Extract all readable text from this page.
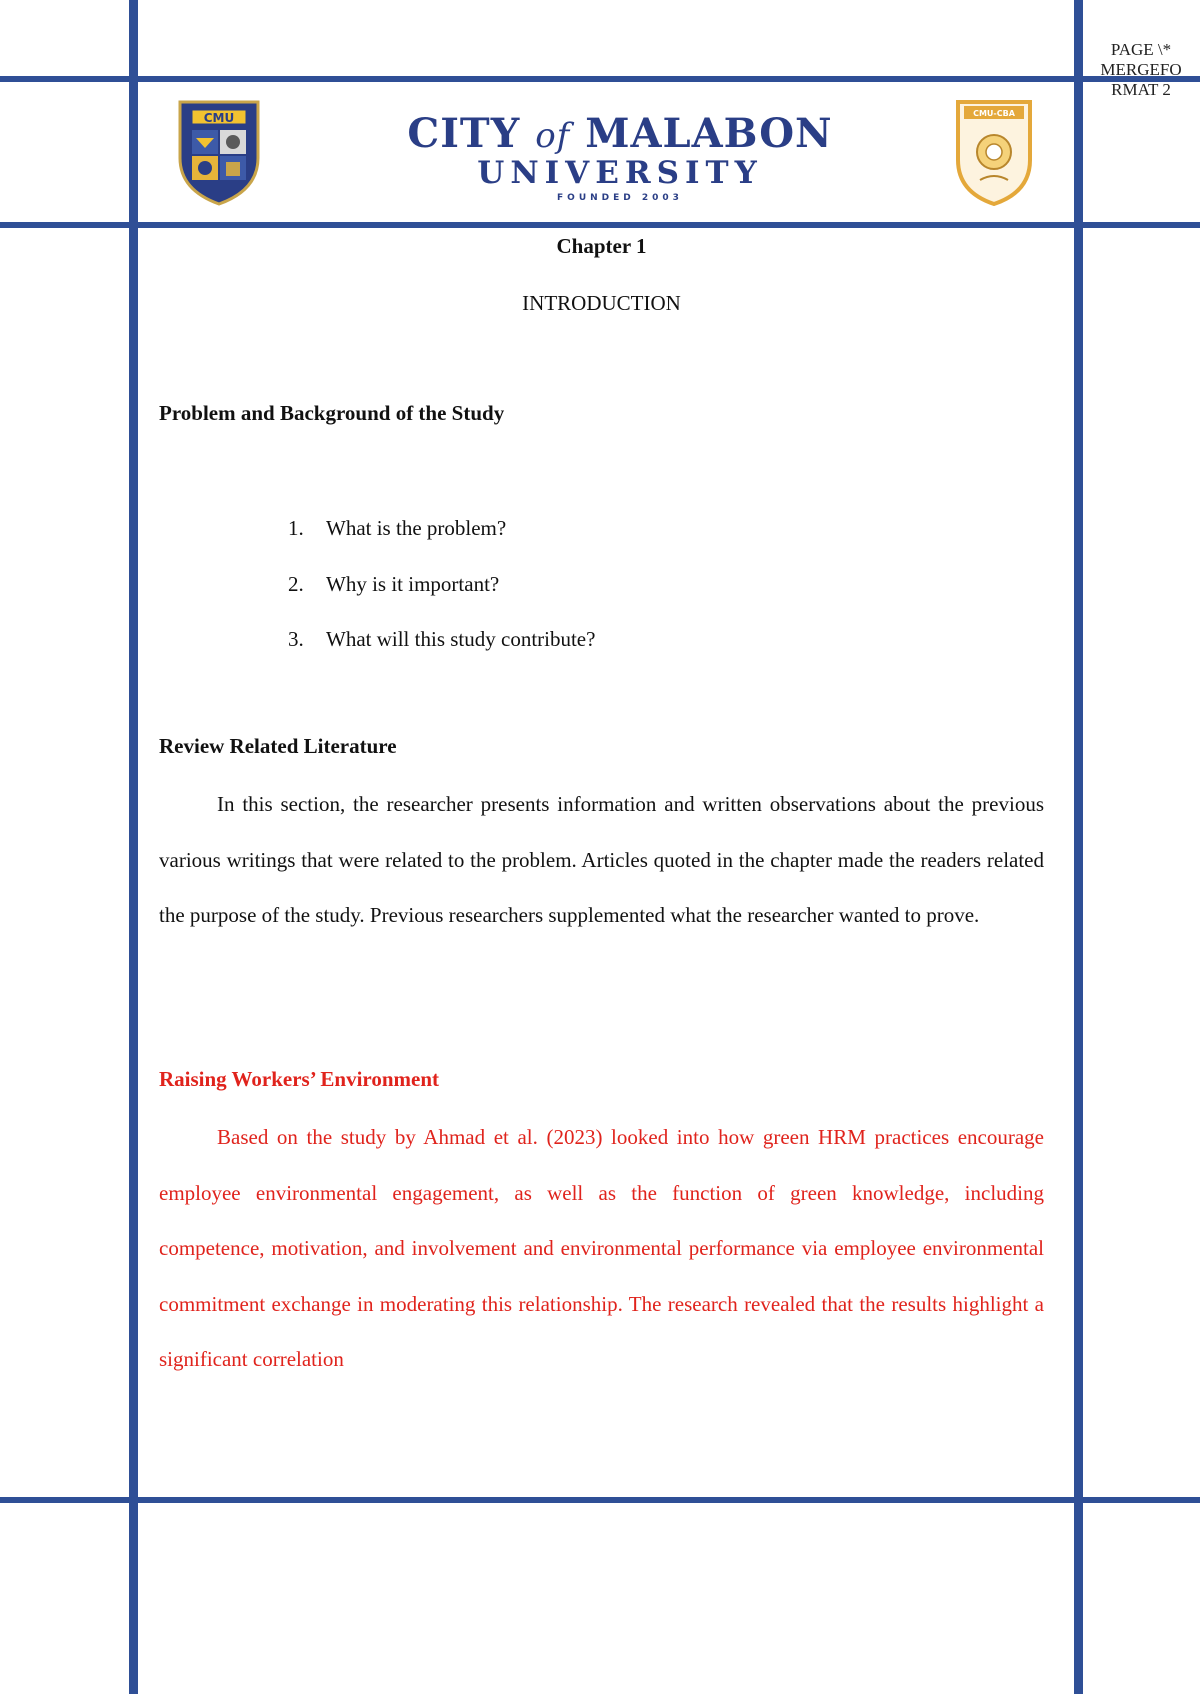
PAGE \*
MERGEFO
RMAT 2
CMU	CITY of MALABON
UNIVERSITY
FOUNDED 2003
CMU-CBA
Chapter 1
INTRODUCTION
Problem and Background of the Study
1. What is the problem?
2. Why is it important?
3. What will this study contribute?
Review Related Literature

In this section, the researcher presents information and written observations about the previous various writings that were related to the problem. Articles quoted in the chapter made the readers related the purpose of the study. Previous researchers supplemented what the researcher wanted to prove.

Raising Workers’ Environment

Based on the study by Ahmad et al. (2023) looked into how green HRM practices encourage employee environmental engagement, as well as the function of green knowledge, including competence, motivation, and involvement and environmental performance via employee environmental commitment exchange in moderating this relationship. The research revealed that the results highlight a significant correlation
